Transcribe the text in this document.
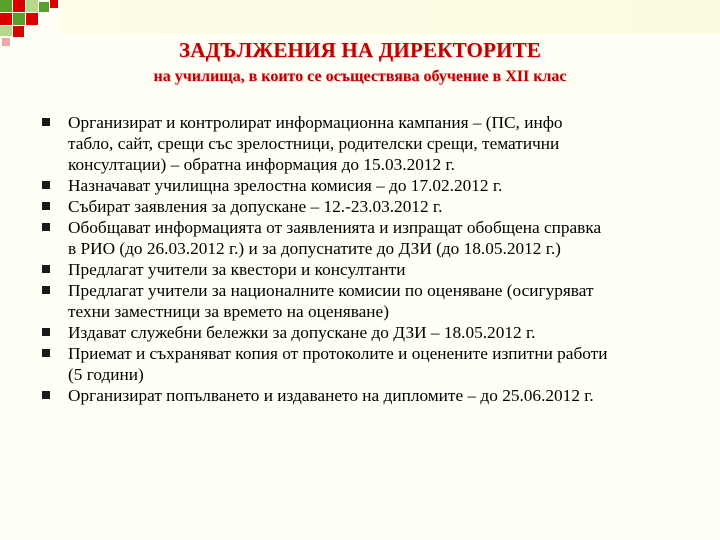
ЗАДЪЛЖЕНИЯ НА ДИРЕКТОРИТЕ
на училища, в които се осъществява обучение в XII клас
Организират и контролират информационна кампания – (ПС, инфо
табло, сайт, срещи със зрелостници, родителски срещи, тематични
консултации) – обратна информация до 15.03.2012 г.
Назначават училищна зрелостна комисия – до 17.02.2012 г.
Събират заявления за допускане – 12.-23.03.2012 г.
Обобщават информацията от заявленията и изпращат обобщена справка
в РИО (до 26.03.2012 г.) и за допуснатите до ДЗИ (до 18.05.2012 г.)
Предлагат учители за квестори и консултанти
Предлагат учители за националните комисии по оценяване (осигуряват
техни заместници за времето на оценяване)
Издават служебни бележки за допускане до ДЗИ – 18.05.2012 г.
Приемат и съхраняват копия от протоколите и оценените изпитни работи
(5 години)
Организират попълването и издаването на дипломите – до 25.06.2012 г.
